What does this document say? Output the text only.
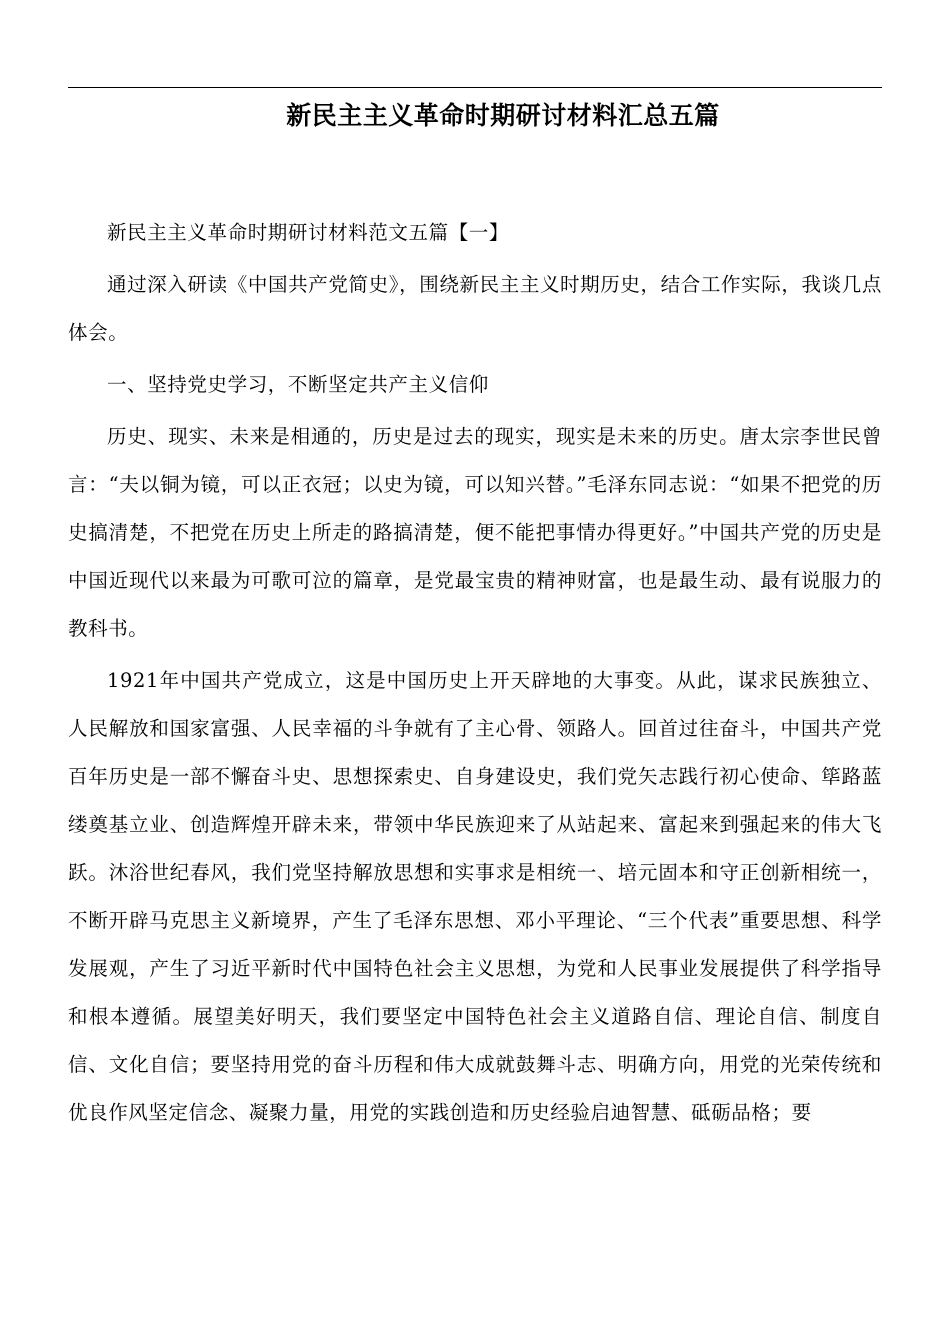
新民主主义革命时期研讨材料汇总五篇

新民主主义革命时期研讨材料范文五篇【一】

通过深入研读《中国共产党简史》，围绕新民主主义时期历史，结合工作实际，我谈几点体会。

一、坚持党史学习，不断坚定共产主义信仰

历史、现实、未来是相通的，历史是过去的现实，现实是未来的历史。唐太宗李世民曾言：“夫以铜为镜，可以正衣冠；以史为镜，可以知兴替。”毛泽东同志说：“如果不把党的历史搞清楚，不把党在历史上所走的路搞清楚，便不能把事情办得更好。”中国共产党的历史是中国近现代以来最为可歌可泣的篇章，是党最宝贵的精神财富，也是最生动、最有说服力的教科书。

1921年中国共产党成立，这是中国历史上开天辟地的大事变。从此，谋求民族独立、人民解放和国家富强、人民幸福的斗争就有了主心骨、领路人。回首过往奋斗，中国共产党百年历史是一部不懈奋斗史、思想探索史、自身建设史，我们党矢志践行初心使命、筚路蓝缕奠基立业、创造辉煌开辟未来，带领中华民族迎来了从站起来、富起来到强起来的伟大飞跃。沐浴世纪春风，我们党坚持解放思想和实事求是相统一、培元固本和守正创新相统一，不断开辟马克思主义新境界，产生了毛泽东思想、邓小平理论、“三个代表”重要思想、科学发展观，产生了习近平新时代中国特色社会主义思想，为党和人民事业发展提供了科学指导和根本遵循。展望美好明天，我们要坚定中国特色社会主义道路自信、理论自信、制度自信、文化自信；要坚持用党的奋斗历程和伟大成就鼓舞斗志、明确方向，用党的光荣传统和优良作风坚定信念、凝聚力量，用党的实践创造和历史经验启迪智慧、砥砺品格；要
